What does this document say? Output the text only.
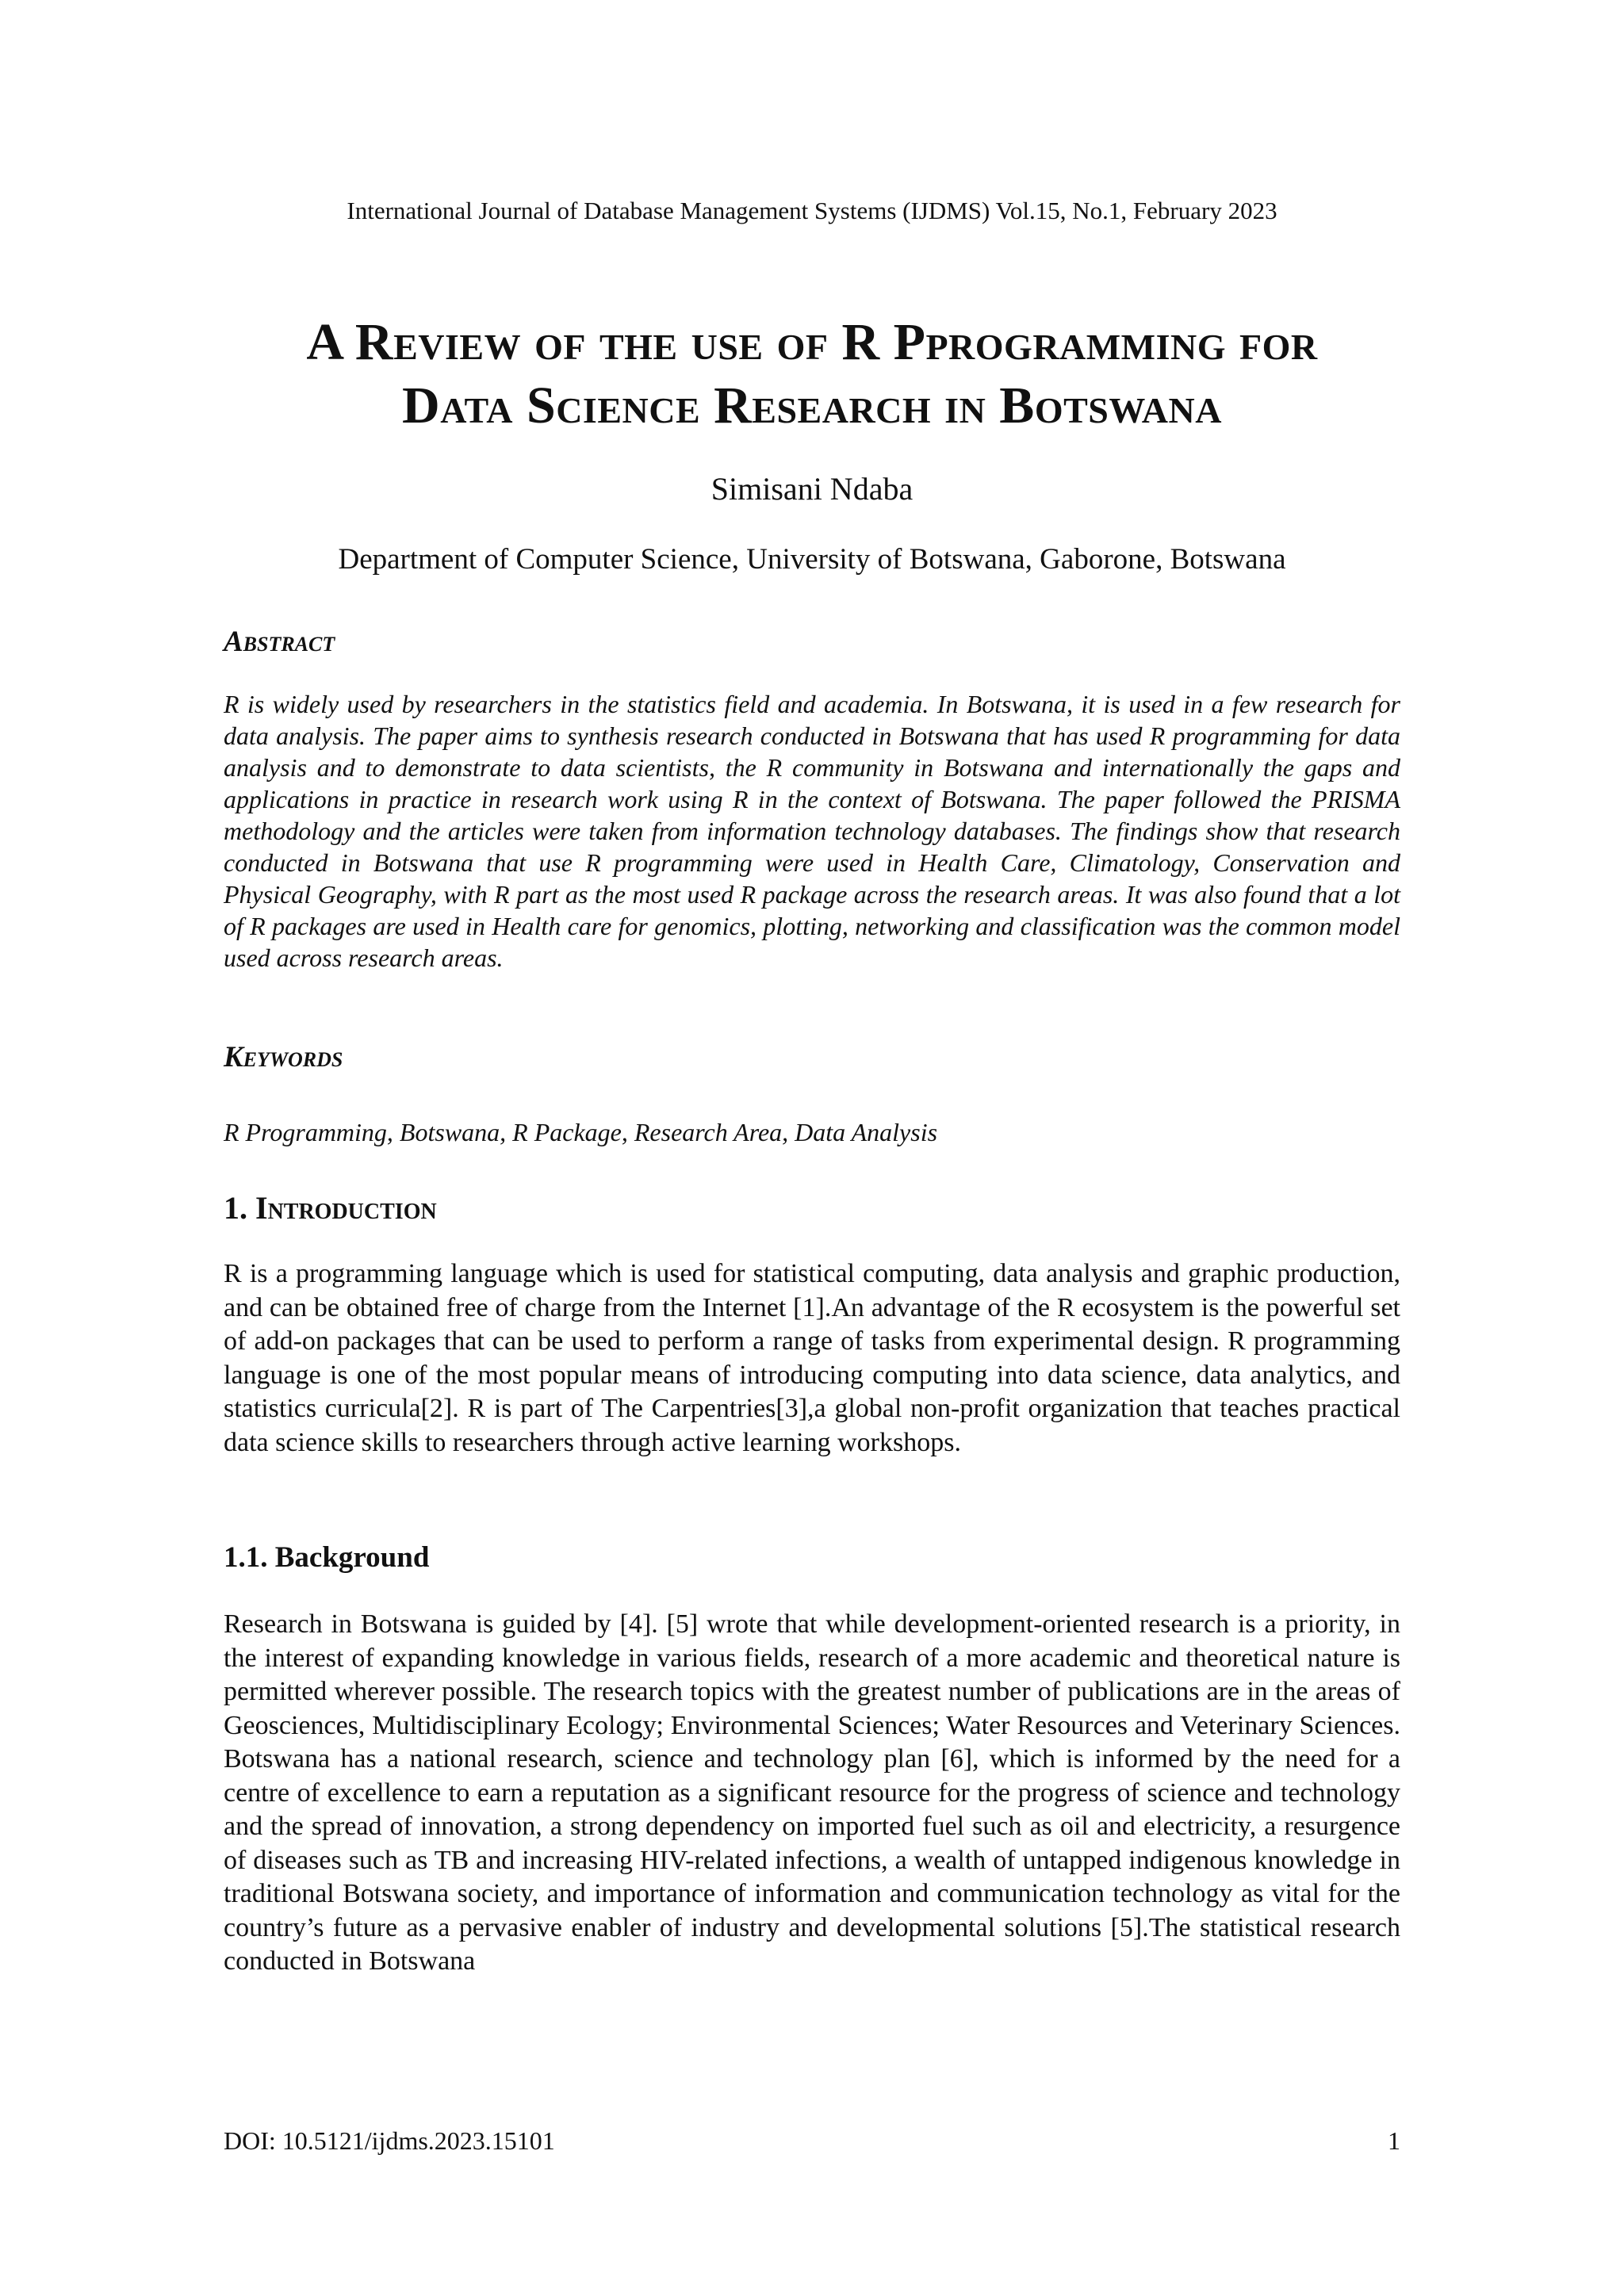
International Journal of Database Management Systems (IJDMS) Vol.15, No.1, February 2023
A Review of the use of R Pprogramming for
Data Science Research in Botswana
Simisani Ndaba
Department of Computer Science, University of Botswana, Gaborone, Botswana
Abstract

R is widely used by researchers in the statistics field and academia. In Botswana, it is used in a few research for data analysis. The paper aims to synthesis research conducted in Botswana that has used R programming for data analysis and to demonstrate to data scientists, the R community in Botswana and internationally the gaps and applications in practice in research work using R in the context of Botswana. The paper followed the PRISMA methodology and the articles were taken from information technology databases. The findings show that research conducted in Botswana that use R programming were used in Health Care, Climatology, Conservation and Physical Geography, with R part as the most used R package across the research areas. It was also found that a lot of R packages are used in Health care for genomics, plotting, networking and classification was the common model used across research areas.

Keywords

R Programming, Botswana, R Package, Research Area, Data Analysis

1. Introduction

R is a programming language which is used for statistical computing, data analysis and graphic production, and can be obtained free of charge from the Internet [1].An advantage of the R ecosystem is the powerful set of add-on packages that can be used to perform a range of tasks from experimental design. R programming language is one of the most popular means of introducing computing into data science, data analytics, and statistics curricula[2]. R is part of The Carpentries[3],a global non-profit organization that teaches practical data science skills to researchers through active learning workshops.

1.1. Background

Research in Botswana is guided by [4]. [5] wrote that while development-oriented research is a priority, in the interest of expanding knowledge in various fields, research of a more academic and theoretical nature is permitted wherever possible. The research topics with the greatest number of publications are in the areas of Geosciences, Multidisciplinary Ecology; Environmental Sciences; Water Resources and Veterinary Sciences. Botswana has a national research, science and technology plan [6], which is informed by the need for a centre of excellence to earn a reputation as a significant resource for the progress of science and technology and the spread of innovation, a strong dependency on imported fuel such as oil and electricity, a resurgence of diseases such as TB and increasing HIV-related infections, a wealth of untapped indigenous knowledge in traditional Botswana society, and importance of information and communication technology as vital for the country’s future as a pervasive enabler of industry and developmental solutions [5].The statistical research conducted in Botswana

DOI: 10.5121/ijdms.2023.15101	1
